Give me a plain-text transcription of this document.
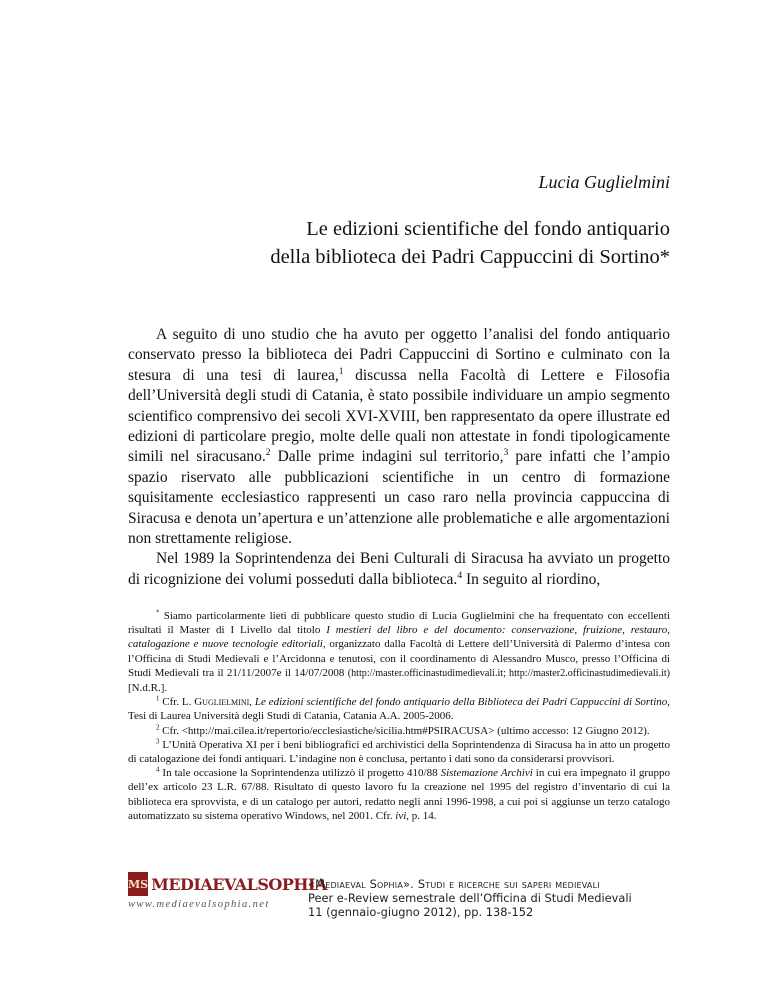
Lucia Guglielmini
Le edizioni scientifiche del fondo antiquario
della biblioteca dei Padri Cappuccini di Sortino*

A seguito di uno studio che ha avuto per oggetto l’analisi del fondo antiquario conservato presso la biblioteca dei Padri Cappuccini di Sortino e culminato con la stesura di una tesi di laurea,$^1$ discussa nella Facoltà di Lettere e Filosofia dell’Università degli studi di Catania, è stato possibile individuare un ampio segmento scientifico comprensivo dei secoli XVI-XVIII, ben rappresentato da opere illustrate ed edizioni di particolare pregio, molte delle quali non attestate in fondi tipologicamente simili nel siracusano.$^2$ Dalle prime indagini sul territorio,$^3$ pare infatti che l’ampio spazio riservato alle pubblicazioni scientifiche in un centro di formazione squisitamente ecclesiastico rappresenti un caso raro nella provincia cappuccina di Siracusa e denota un’apertura e un’attenzione alle problematiche e alle argomentazioni non strettamente religiose.

Nel 1989 la Soprintendenza dei Beni Culturali di Siracusa ha avviato un progetto di ricognizione dei volumi posseduti dalla biblioteca.$^4$ In seguito al riordino,

* Siamo particolarmente lieti di pubblicare questo studio di Lucia Guglielmini che ha frequentato con eccellenti risultati il Master di I Livello dal titolo I mestieri del libro e del documento: conservazione, fruizione, restauro, catalogazione e nuove tecnologie editoriali, organizzato dalla Facoltà di Lettere dell’Università di Palermo d’intesa con l’Officina di Studi Medievali e l’Arcidonna e tenutosi, con il coordinamento di Alessandro Musco, presso l’Officina di Studi Medievali tra il 21/11/2007e il 14/07/2008 (http://master.officinastudimedievali.it; http://master2.officinastudimedievali.it) [N.d.R.].

$^1$ Cfr. L. Guglielmini, Le edizioni scientifiche del fondo antiquario della Biblioteca dei Padri Cappuccini di Sortino, Tesi di Laurea Università degli Studi di Catania, Catania A.A. 2005-2006.

$^2$ Cfr. <http://mai.cilea.it/repertorio/ecclesiastiche/sicilia.htm#PSIRACUSA> (ultimo accesso: 12 Giugno 2012).

$^3$ L’Unità Operativa XI per i beni bibliografici ed archivistici della Soprintendenza di Siracusa ha in atto un progetto di catalogazione dei fondi antiquari. L’indagine non è conclusa, pertanto i dati sono da considerarsi provvisori.

$^4$ In tale occasione la Soprintendenza utilizzò il progetto 410/88 Sistemazione Archivi in cui era impegnato il gruppo dell’ex articolo 23 L.R. 67/88. Risultato di questo lavoro fu la creazione nel 1995 del registro d’inventario di cui la biblioteca era sprovvista, e di un catalogo per autori, redatto negli anni 1996-1998, a cui poi si aggiunse un terzo catalogo automatizzato su sistema operativo Windows, nel 2001. Cfr. ivi, p. 14.

MS MEDIAEVALSOPHIA
www.mediaevalsophia.net
«Mediaeval Sophia». Studi e ricerche sui saperi medievali
Peer e-Review semestrale dell’Officina di Studi Medievali
11 (gennaio-giugno 2012), pp. 138-152
